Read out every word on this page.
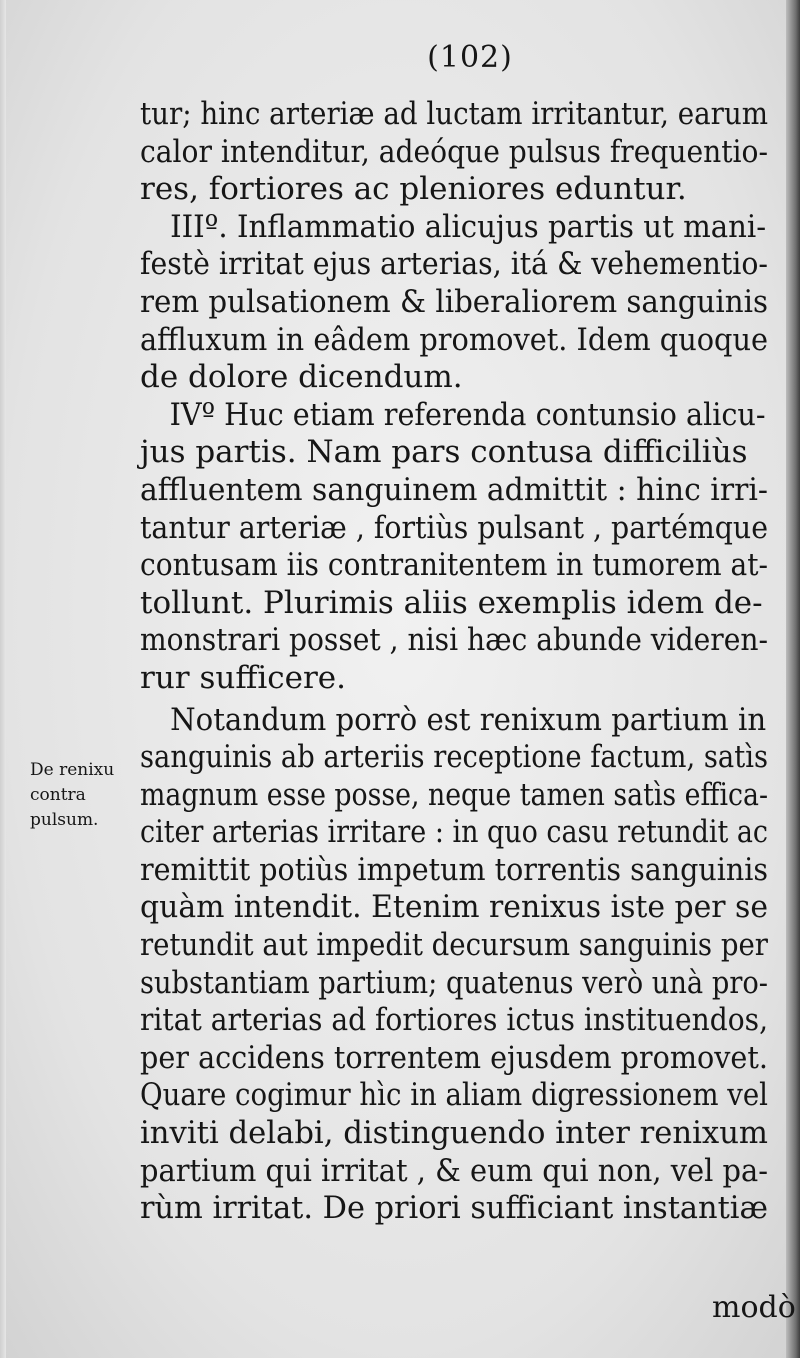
(102)
De renixu
contra
pulsum.
tur; hinc arteriæ ad luctam irritantur, earum
calor intenditur, adeóque pulsus frequentio-
res, fortiores ac pleniores eduntur.
IIIº. Inflammatio alicujus partis ut mani-
festè irritat ejus arterias, itá & vehementio-
rem pulsationem & liberaliorem sanguinis
affluxum in eâdem promovet. Idem quoque
de dolore dicendum.
IVº Huc etiam referenda contunsio alicu-
jus partis. Nam pars contusa difficiliùs
affluentem sanguinem admittit : hinc irri-
tantur arteriæ , fortiùs pulsant , partémque
contusam iis contranitentem in tumorem at-
tollunt. Plurimis aliis exemplis idem de-
monstrari posset , nisi hæc abunde videren-
rur sufficere.
Notandum porrò est renixum partium in
sanguinis ab arteriis receptione factum, satìs
magnum esse posse, neque tamen satìs effica-
citer arterias irritare : in quo casu retundit ac
remittit potiùs impetum torrentis sanguinis
quàm intendit. Etenim renixus iste per se
retundit aut impedit decursum sanguinis per
substantiam partium; quatenus verò unà pro-
ritat arterias ad fortiores ictus instituendos,
per accidens torrentem ejusdem promovet.
Quare cogimur hìc in aliam digressionem vel
inviti delabi, distinguendo inter renixum
partium qui irritat , & eum qui non, vel pa-
rùm irritat. De priori sufficiant instantiæ
modò
